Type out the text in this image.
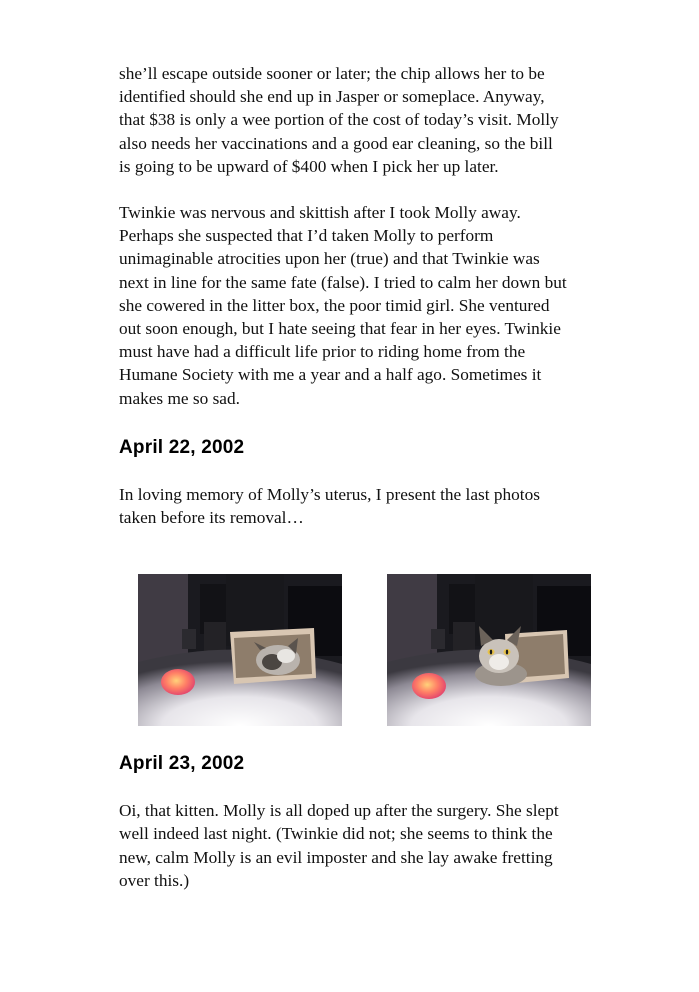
she’ll escape outside sooner or later; the chip allows her to be
identified should she end up in Jasper or someplace. Anyway,
that $38 is only a wee portion of the cost of today’s visit. Molly
also needs her vaccinations and a good ear cleaning, so the bill
is going to be upward of $400 when I pick her up later.

Twinkie was nervous and skittish after I took Molly away.
Perhaps she suspected that I’d taken Molly to perform
unimaginable atrocities upon her (true) and that Twinkie was
next in line for the same fate (false). I tried to calm her down but
she cowered in the litter box, the poor timid girl. She ventured
out soon enough, but I hate seeing that fear in her eyes. Twinkie
must have had a difficult life prior to riding home from the
Humane Society with me a year and a half ago. Sometimes it
makes me so sad.

April 22, 2002

In loving memory of Molly’s uterus, I present the last photos
taken before its removal…

April 23, 2002

Oi, that kitten. Molly is all doped up after the surgery. She slept
well indeed last night. (Twinkie did not; she seems to think the
new, calm Molly is an evil imposter and she lay awake fretting
over this.)
